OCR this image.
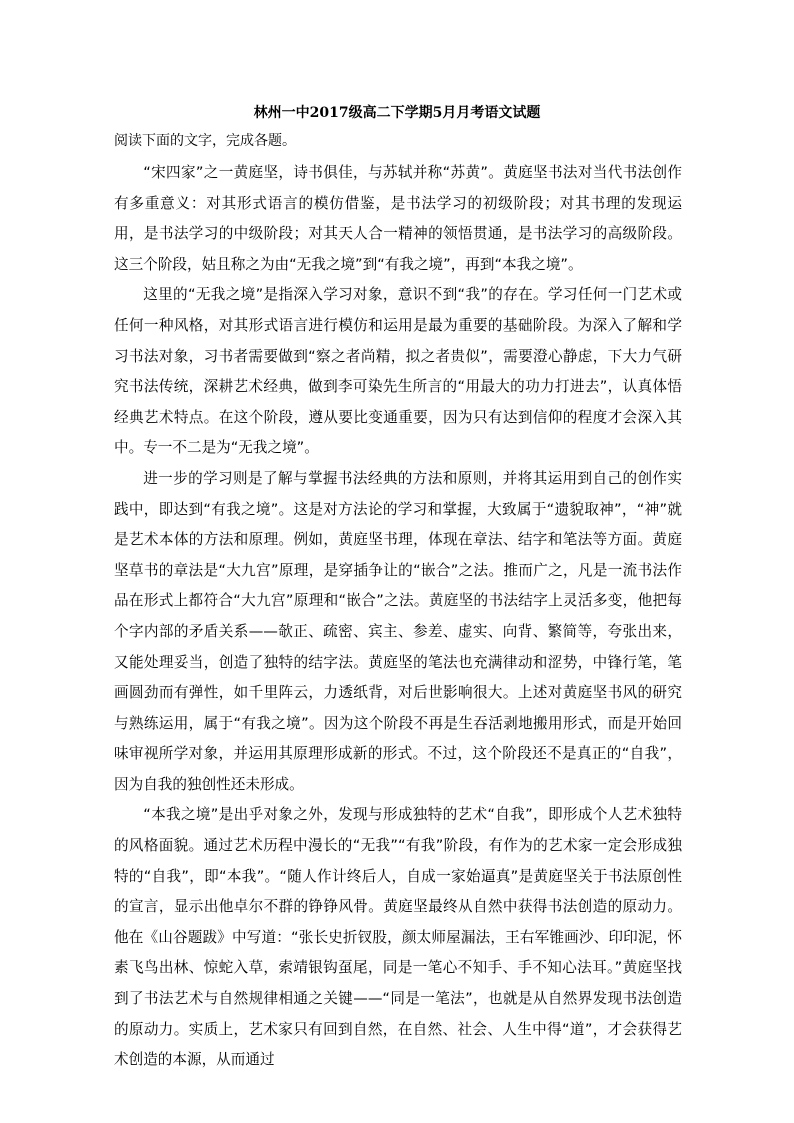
林州一中2017级高二下学期5月月考语文试题
阅读下面的文字，完成各题。

“宋四家”之一黄庭坚，诗书俱佳，与苏轼并称“苏黄”。黄庭坚书法对当代书法创作有多重意义：对其形式语言的模仿借鉴，是书法学习的初级阶段；对其书理的发现运用，是书法学习的中级阶段；对其天人合一精神的领悟贯通，是书法学习的高级阶段。这三个阶段，姑且称之为由“无我之境”到“有我之境”，再到“本我之境”。

这里的“无我之境”是指深入学习对象，意识不到“我”的存在。学习任何一门艺术或任何一种风格，对其形式语言进行模仿和运用是最为重要的基础阶段。为深入了解和学习书法对象，习书者需要做到“察之者尚精，拟之者贵似”，需要澄心静虑，下大力气研究书法传统，深耕艺术经典，做到李可染先生所言的“用最大的功力打进去”，认真体悟经典艺术特点。在这个阶段，遵从要比变通重要，因为只有达到信仰的程度才会深入其中。专一不二是为“无我之境”。

进一步的学习则是了解与掌握书法经典的方法和原则，并将其运用到自己的创作实践中，即达到“有我之境”。这是对方法论的学习和掌握，大致属于“遗貌取神”，“神”就是艺术本体的方法和原理。例如，黄庭坚书理，体现在章法、结字和笔法等方面。黄庭坚草书的章法是“大九宫”原理，是穿插争让的“嵌合”之法。推而广之，凡是一流书法作品在形式上都符合“大九宫”原理和“嵌合”之法。黄庭坚的书法结字上灵活多变，他把每个字内部的矛盾关系——欹正、疏密、宾主、参差、虚实、向背、繁简等，夸张出来，又能处理妥当，创造了独特的结字法。黄庭坚的笔法也充满律动和涩势，中锋行笔，笔画圆劲而有弹性，如千里阵云，力透纸背，对后世影响很大。上述对黄庭坚书风的研究与熟练运用，属于“有我之境”。因为这个阶段不再是生吞活剥地搬用形式，而是开始回味审视所学对象，并运用其原理形成新的形式。不过，这个阶段还不是真正的“自我”，因为自我的独创性还未形成。

“本我之境”是出乎对象之外，发现与形成独特的艺术“自我”，即形成个人艺术独特的风格面貌。通过艺术历程中漫长的“无我”“有我”阶段，有作为的艺术家一定会形成独特的“自我”，即“本我”。“随人作计终后人，自成一家始逼真”是黄庭坚关于书法原创性的宣言，显示出他卓尔不群的铮铮风骨。黄庭坚最终从自然中获得书法创造的原动力。他在《山谷题跋》中写道：“张长史折钗股，颜太师屋漏法，王右军锥画沙、印印泥，怀素飞鸟出林、惊蛇入草，索靖银钩虿尾，同是一笔心不知手、手不知心法耳。”黄庭坚找到了书法艺术与自然规律相通之关键——“同是一笔法”，也就是从自然界发现书法创造的原动力。实质上，艺术家只有回到自然，在自然、社会、人生中得“道”，才会获得艺术创造的本源，从而通过
